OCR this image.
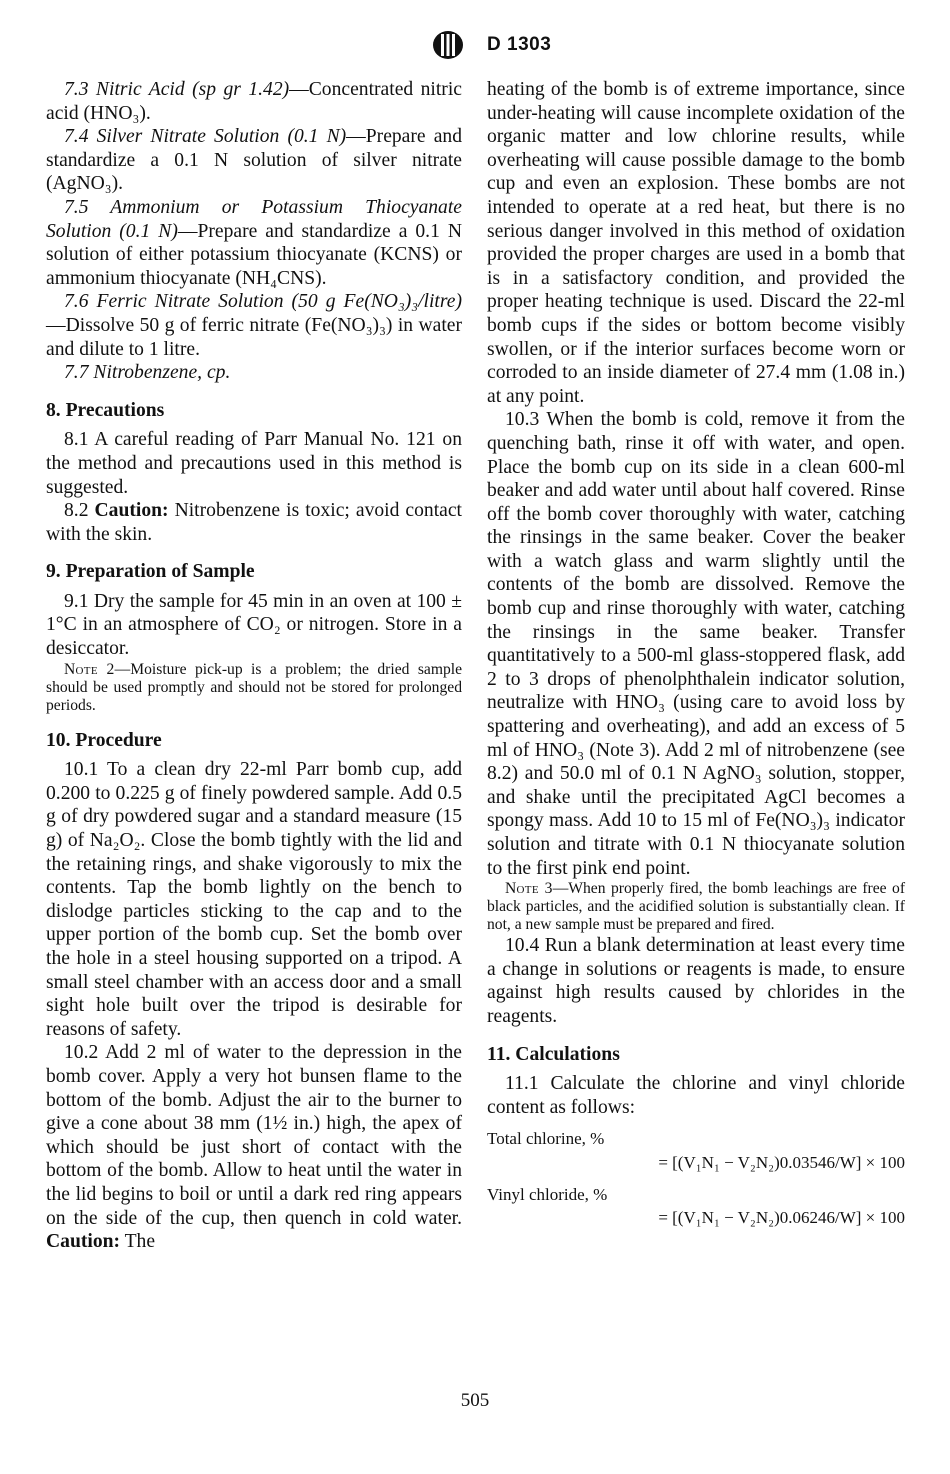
D 1303

7.3 Nitric Acid (sp gr 1.42)—Concentrated nitric acid (HNO₃).

7.4 Silver Nitrate Solution (0.1 N)—Prepare and standardize a 0.1 N solution of silver nitrate (AgNO₃).

7.5 Ammonium or Potassium Thiocyanate Solution (0.1 N)—Prepare and standardize a 0.1 N solution of either potassium thiocyanate (KCNS) or ammonium thiocyanate (NH₄CNS).

7.6 Ferric Nitrate Solution (50 g Fe(NO₃)₃/litre)—Dissolve 50 g of ferric nitrate (Fe(NO₃)₃) in water and dilute to 1 litre.

7.7 Nitrobenzene, cp.

8. Precautions

8.1 A careful reading of Parr Manual No. 121 on the method and precautions used in this method is suggested.

8.2 Caution: Nitrobenzene is toxic; avoid contact with the skin.

9. Preparation of Sample

9.1 Dry the sample for 45 min in an oven at 100 ± 1°C in an atmosphere of CO₂ or nitrogen. Store in a desiccator.

Note 2—Moisture pick-up is a problem; the dried sample should be used promptly and should not be stored for prolonged periods.

10. Procedure

10.1 To a clean dry 22-ml Parr bomb cup, add 0.200 to 0.225 g of finely powdered sample. Add 0.5 g of dry powdered sugar and a standard measure (15 g) of Na₂O₂. Close the bomb tightly with the lid and the retaining rings, and shake vigorously to mix the contents. Tap the bomb lightly on the bench to dislodge particles sticking to the cap and to the upper portion of the bomb cup. Set the bomb over the hole in a steel housing supported on a tripod. A small steel chamber with an access door and a small sight hole built over the tripod is desirable for reasons of safety.

10.2 Add 2 ml of water to the depression in the bomb cover. Apply a very hot bunsen flame to the bottom of the bomb. Adjust the air to the burner to give a cone about 38 mm (1½ in.) high, the apex of which should be just short of contact with the bottom of the bomb. Allow to heat until the water in the lid begins to boil or until a dark red ring appears on the side of the cup, then quench in cold water. Caution: The

heating of the bomb is of extreme importance, since under-heating will cause incomplete oxidation of the organic matter and low chlorine results, while overheating will cause possible damage to the bomb cup and even an explosion. These bombs are not intended to operate at a red heat, but there is no serious danger involved in this method of oxidation provided the proper charges are used in a bomb that is in a satisfactory condition, and provided the proper heating technique is used. Discard the 22-ml bomb cups if the sides or bottom become visibly swollen, or if the interior surfaces become worn or corroded to an inside diameter of 27.4 mm (1.08 in.) at any point.

10.3 When the bomb is cold, remove it from the quenching bath, rinse it off with water, and open. Place the bomb cup on its side in a clean 600-ml beaker and add water until about half covered. Rinse off the bomb cover thoroughly with water, catching the rinsings in the same beaker. Cover the beaker with a watch glass and warm slightly until the contents of the bomb are dissolved. Remove the bomb cup and rinse thoroughly with water, catching the rinsings in the same beaker. Transfer quantitatively to a 500-ml glass-stoppered flask, add 2 to 3 drops of phenolphthalein indicator solution, neutralize with HNO₃ (using care to avoid loss by spattering and overheating), and add an excess of 5 ml of HNO₃ (Note 3). Add 2 ml of nitrobenzene (see 8.2) and 50.0 ml of 0.1 N AgNO₃ solution, stopper, and shake until the precipitated AgCl becomes a spongy mass. Add 10 to 15 ml of Fe(NO₃)₃ indicator solution and titrate with 0.1 N thiocyanate solution to the first pink end point.

Note 3—When properly fired, the bomb leachings are free of black particles, and the acidified solution is substantially clean. If not, a new sample must be prepared and fired.

10.4 Run a blank determination at least every time a change in solutions or reagents is made, to ensure against high results caused by chlorides in the reagents.

11. Calculations

11.1 Calculate the chlorine and vinyl chloride content as follows:

Total chlorine, %
= [(V₁N₁ − V₂N₂)0.03546/W] × 100
Vinyl chloride, %
= [(V₁N₁ − V₂N₂)0.06246/W] × 100
505
